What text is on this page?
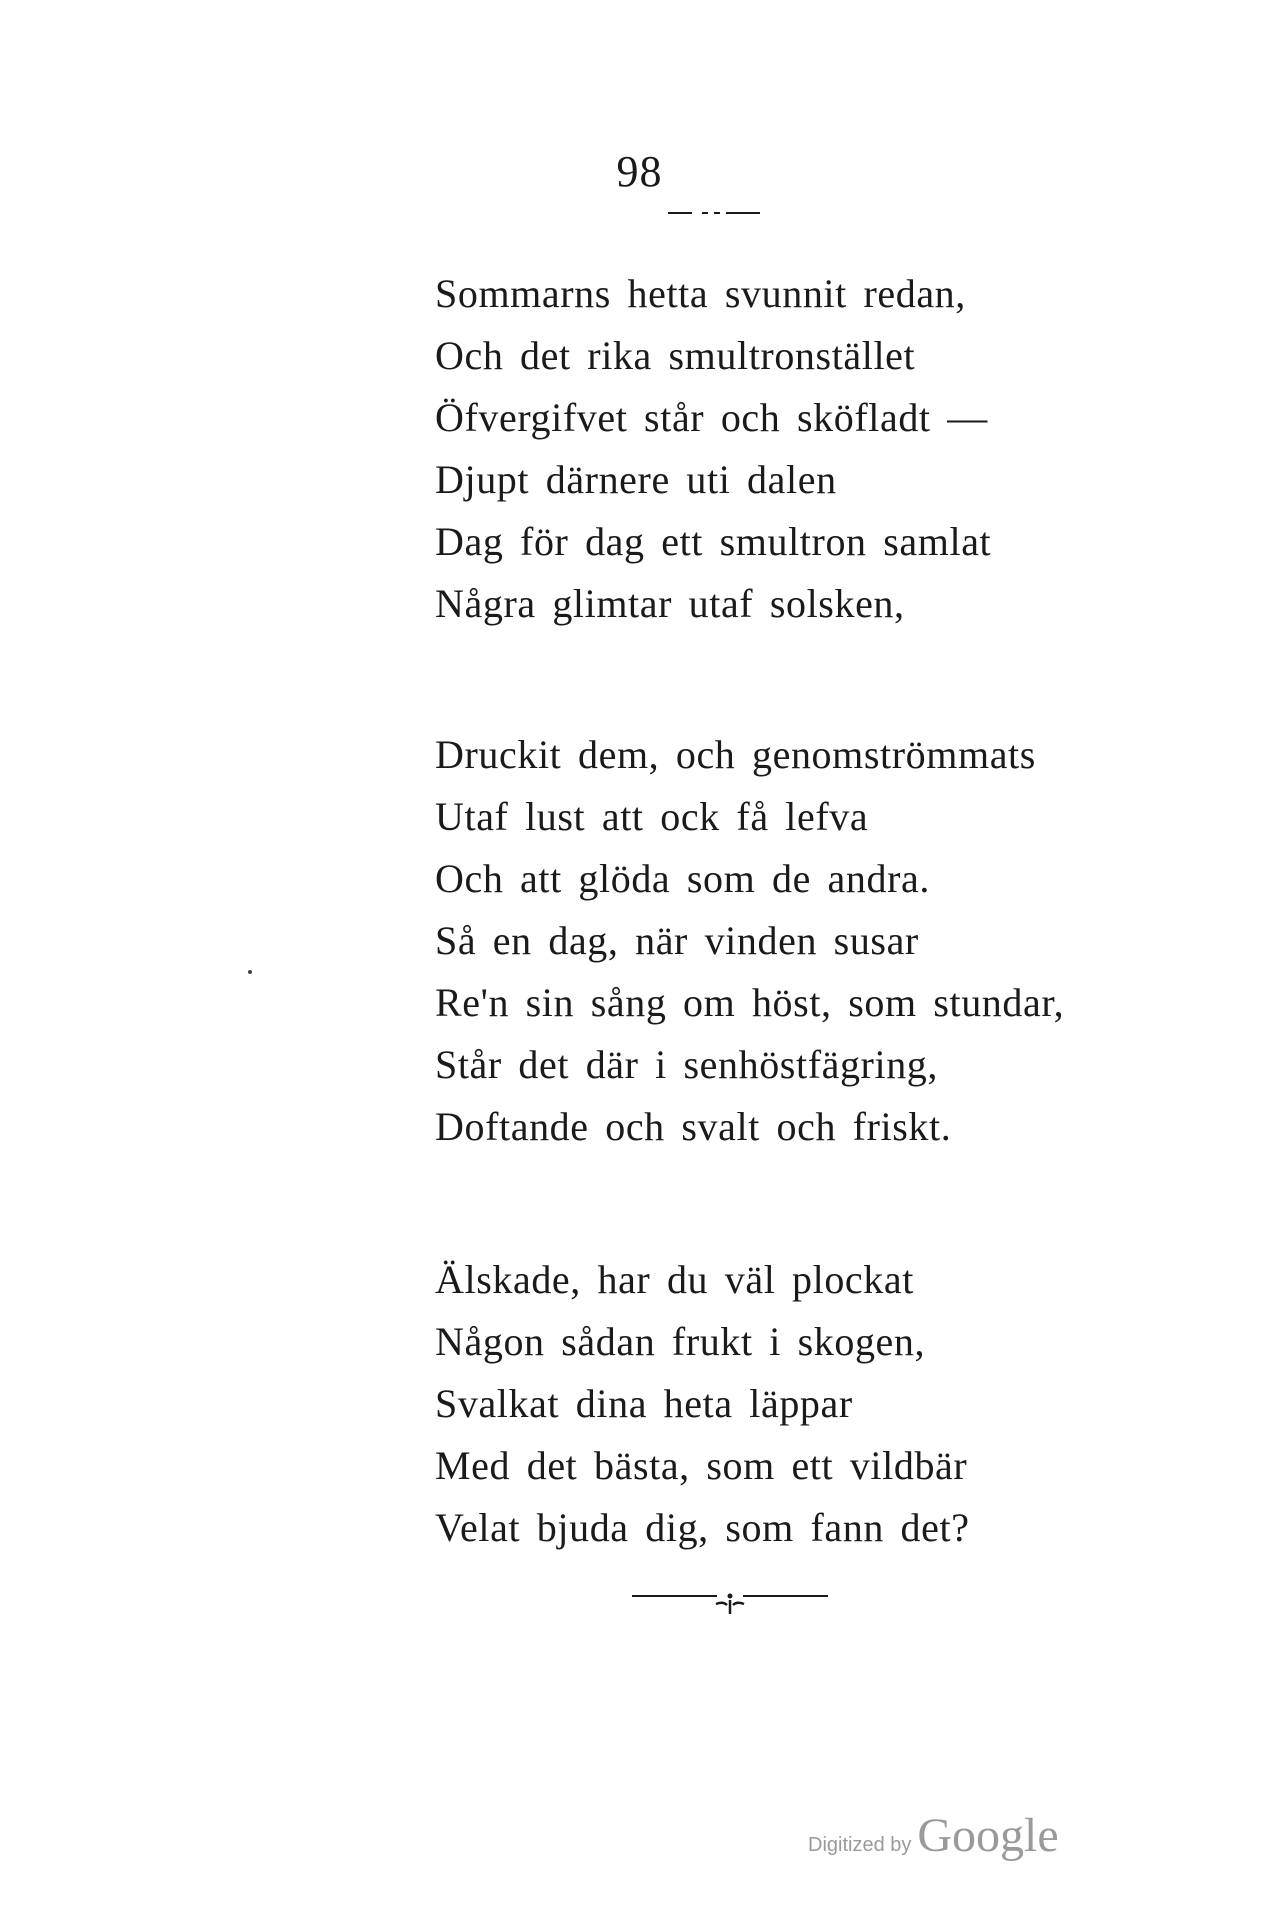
98
Sommarns hetta svunnit redan,
Och det rika smultronstället
Öfvergifvet står och sköfladt —
Djupt därnere uti dalen
Dag för dag ett smultron samlat
Några glimtar utaf solsken,
Druckit dem, och genomströmmats
Utaf lust att ock få lefva
Och att glöda som de andra.
Så en dag, när vinden susar
Re'n sin sång om höst, som stundar,
Står det där i senhöstfägring,
Doftande och svalt och friskt.
Älskade, har du väl plockat
Någon sådan frukt i skogen,
Svalkat dina heta läppar
Med det bästa, som ett vildbär
Velat bjuda dig, som fann det?
Digitized by Google
